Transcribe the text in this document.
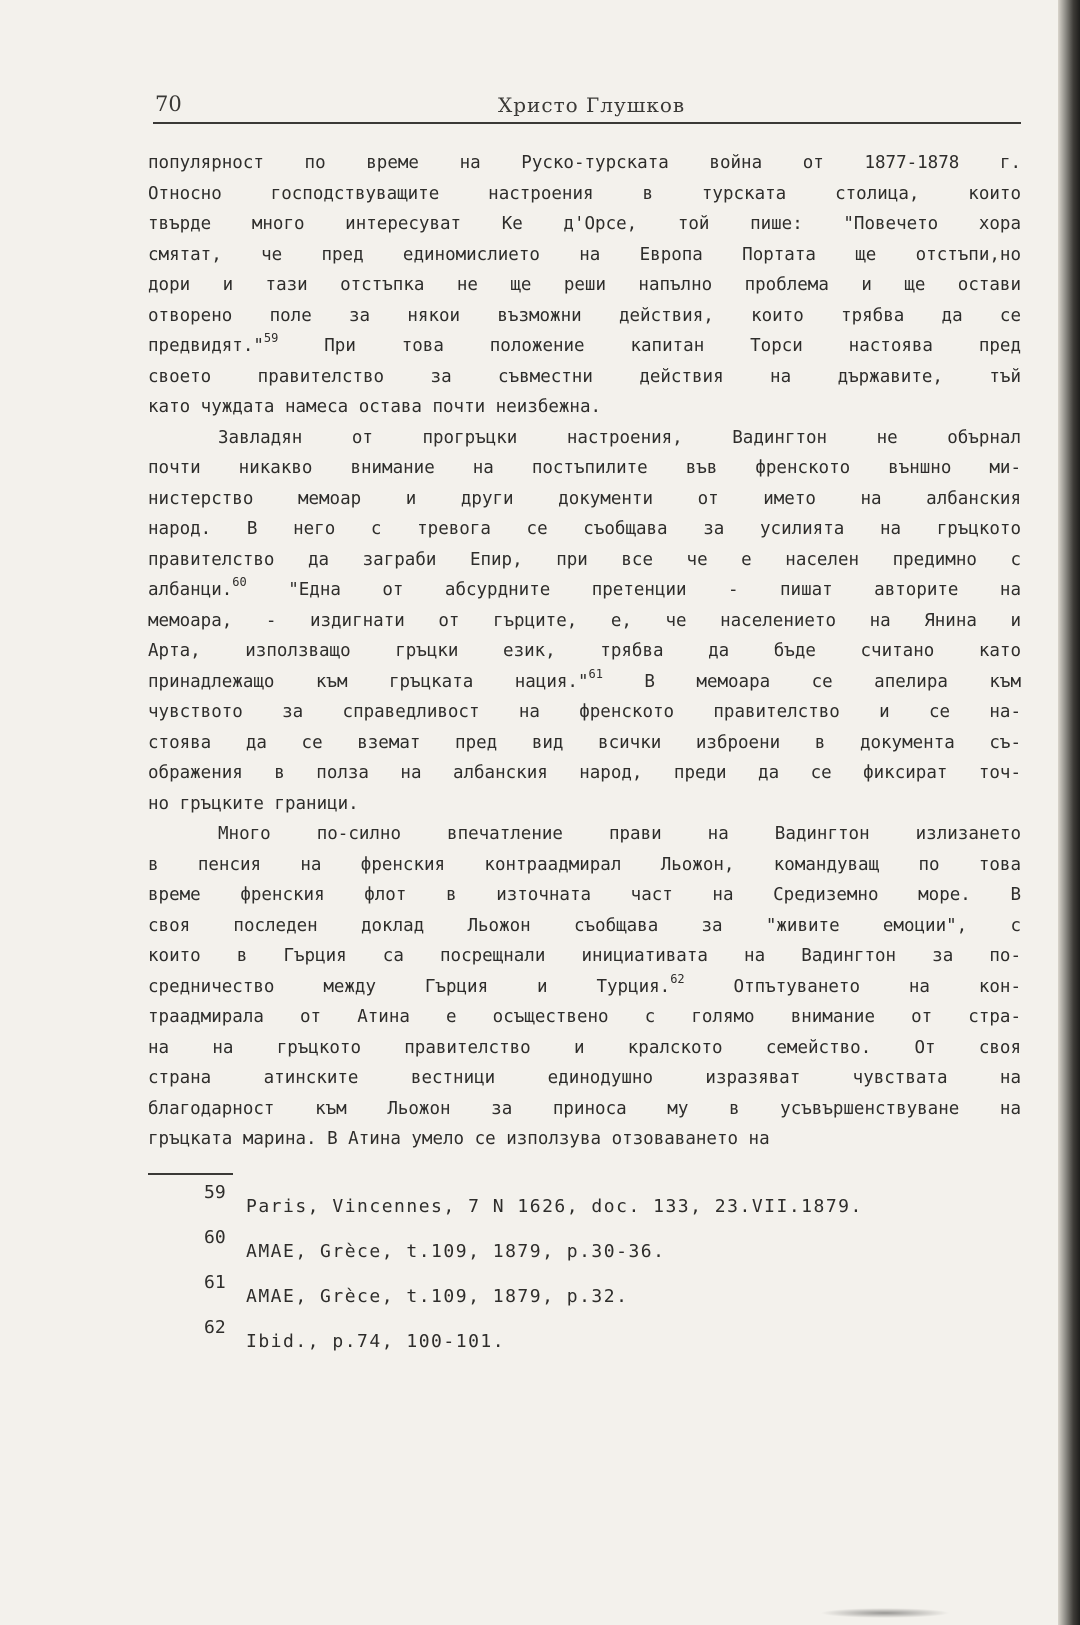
70	Христо Глушков
популярност по време на Руско-турската война от 1877-1878 г.
Относно господствуващите настроения в турската столица, които
твърде много интересуват Ке д'Орсе, той пише: "Повечето хора
смятат, че пред единомислието на Европа Портата ще отстъпи,но
дори и тази отстъпка не ще реши напълно проблема и ще остави
отворено поле за някои възможни действия, които трябва да се
предвидят."$^{59}$ При това положение капитан Торси настоява пред
своето правителство за съвместни действия на държавите, тъй
като чуждата намеса остава почти неизбежна.
Завладян от прогръцки настроения, Вадингтон не обърнал
почти никакво внимание на постъпилите във френското външно ми-
нистерство мемоар и други документи от името на албанския
народ. В него с тревога се съобщава за усилията на гръцкото
правителство да заграби Епир, при все че е населен предимно с
албанци.$^{60}$ "Една от абсурдните претенции - пишат авторите на
мемоара, - издигнати от гърците, е, че населението на Янина и
Арта, използващо гръцки език, трябва да бъде считано като
принадлежащо към гръцката нация."$^{61}$ В мемоара се апелира към
чувството за справедливост на френското правителство и се на-
стоява да се вземат пред вид всички изброени в документа съ-
ображения в полза на албанския народ, преди да се фиксират точ-
но гръцките граници.
Много по-силно впечатление прави на Вадингтон излизането
в пенсия на френския контраадмирал Льожон, командуващ по това
време френския флот в източната част на Средиземно море. В
своя последен доклад Льожон съобщава за "живите емоции", с
които в Гърция са посрещнали инициативата на Вадингтон за по-
средничество между Гърция и Турция.$^{62}$ Отпътуването на кон-
траадмирала от Атина е осъществено с голямо внимание от стра-
на на гръцкото правителство и кралското семейство. От своя
страна атинските вестници единодушно изразяват чувствата на
благодарност към Льожон за приноса му в усъвършенствуване на
гръцката марина. В Атина умело се използува отзоваването на
59
Paris, Vincennes, 7 N 1626, doc. 133, 23.VII.1879.
60
AMAE, Grèce, t.109, 1879, p.30-36.
61
AMAE, Grèce, t.109, 1879, p.32.
62
Ibid., p.74, 100-101.
